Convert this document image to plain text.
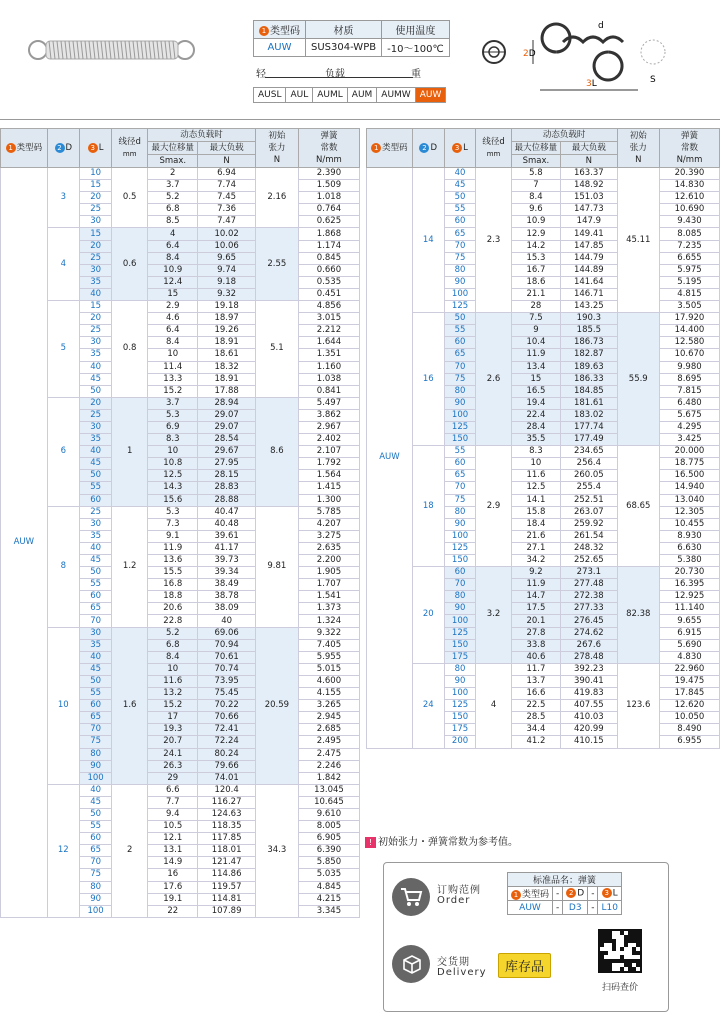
1 类型码	材质	使用温度
AUW	SUS304-WPB	-10〜100℃
轻	负载	重
AUSL	AUL	AUML	AUM	AUMW	AUW
d
2D
3L	S
1 类型码	2 D	3 L	线径d
mm	动态负载时		初始
张力
N	弹簧
常数
N/mm
				最大位移量	最大负载		
				Smax.	N		
AUW	3	10	0.5	2	6.94	2.16	2.390
		15		3.7	7.74		1.509
		20		5.2	7.45		1.018
		25		6.8	7.36		0.764
		30		8.5	7.47		0.625
	4	15	0.6	4	10.02	2.55	1.868
		20		6.4	10.06		1.174
		25		8.4	9.65		0.845
		30		10.9	9.74		0.660
		35		12.4	9.18		0.535
		40		15	9.32		0.451
	5	15	0.8	2.9	19.18	5.1	4.856
		20		4.6	18.97		3.015
		25		6.4	19.26		2.212
		30		8.4	18.91		1.644
		35		10	18.61		1.351
		40		11.4	18.32		1.160
		45		13.3	18.91		1.038
		50		15.2	17.88		0.841
	6	20	1	3.7	28.94	8.6	5.497
		25		5.3	29.07		3.862
		30		6.9	29.07		2.967
		35		8.3	28.54		2.402
		40		10	29.67		2.107
		45		10.8	27.95		1.792
		50		12.5	28.15		1.564
		55		14.3	28.83		1.415
		60		15.6	28.88		1.300
	8	25	1.2	5.3	40.47	9.81	5.785
		30		7.3	40.48		4.207
		35		9.1	39.61		3.275
		40		11.9	41.17		2.635
		45		13.6	39.73		2.200
		50		15.5	39.34		1.905
		55		16.8	38.49		1.707
		60		18.8	38.78		1.541
		65		20.6	38.09		1.373
		70		22.8	40		1.324
	10	30	1.6	5.2	69.06	20.59	9.322
		35		6.8	70.94		7.405
		40		8.4	70.61		5.955
		45		10	70.74		5.015
		50		11.6	73.95		4.600
		55		13.2	75.45		4.155
		60		15.2	70.22		3.265
		65		17	70.66		2.945
		70		19.3	72.41		2.685
		75		20.7	72.24		2.495
		80		24.1	80.24		2.475
		90		26.3	79.66		2.246
		100		29	74.01		1.842
	12	40	2	6.6	120.4	34.3	13.045
		45		7.7	116.27		10.645
		50		9.4	124.63		9.610
		55		10.5	118.35		8.005
		60		12.1	117.85		6.905
		65		13.1	118.01		6.390
		70		14.9	121.47		5.850
		75		16	114.86		5.035
		80		17.6	119.57		4.845
		90		19.1	114.81		4.215
		100		22	107.89		3.345
1 类型码	2 D	3 L	线径d
mm	动态负载时		初始
张力
N	弹簧
常数
N/mm
				最大位移量	最大负载		
				Smax.	N		
AUW	14	40	2.3	5.8	163.37	45.11	20.390
		45		7	148.92		14.830
		50		8.4	151.03		12.610
		55		9.6	147.73		10.690
		60		10.9	147.9		9.430
		65		12.9	149.41		8.085
		70		14.2	147.85		7.235
		75		15.3	144.79		6.655
		80		16.7	144.89		5.975
		90		18.6	141.64		5.195
		100		21.1	146.71		4.815
		125		28	143.25		3.505
	16	50	2.6	7.5	190.3	55.9	17.920
		55		9	185.5		14.400
		60		10.4	186.73		12.580
		65		11.9	182.87		10.670
		70		13.4	189.63		9.980
		75		15	186.33		8.695
		80		16.5	184.85		7.815
		90		19.4	181.61		6.480
		100		22.4	183.02		5.675
		125		28.4	177.74		4.295
		150		35.5	177.49		3.425
	18	55	2.9	8.3	234.65	68.65	20.000
		60		10	256.4		18.775
		65		11.6	260.05		16.500
		70		12.5	255.4		14.940
		75		14.1	252.51		13.040
		80		15.8	263.07		12.305
		90		18.4	259.92		10.455
		100		21.6	261.54		8.930
		125		27.1	248.32		6.630
		150		34.2	252.65		5.380
	20	60	3.2	9.2	273.1	82.38	20.730
		70		11.9	277.48		16.395
		80		14.7	272.38		12.925
		90		17.5	277.33		11.140
		100		20.1	276.45		9.655
		125		27.8	274.62		6.915
		150		33.8	267.6		5.690
		175		40.6	278.48		4.830
	24	80	4	11.7	392.23	123.6	22.960
		90		13.7	390.41		19.475
		100		16.6	419.83		17.845
		125		22.5	407.55		12.620
		150		28.5	410.03		10.050
		175		34.4	420.99		8.490
		200		41.2	410.15		6.955
! 初始张力・弹簧常数为参考值。
订购范例
Order
标准品名：弹簧				
1 类型码	-	2 D	-	3 L
AUW	-	D3	-	L10
交货期
Delivery	库存品
扫码查价
